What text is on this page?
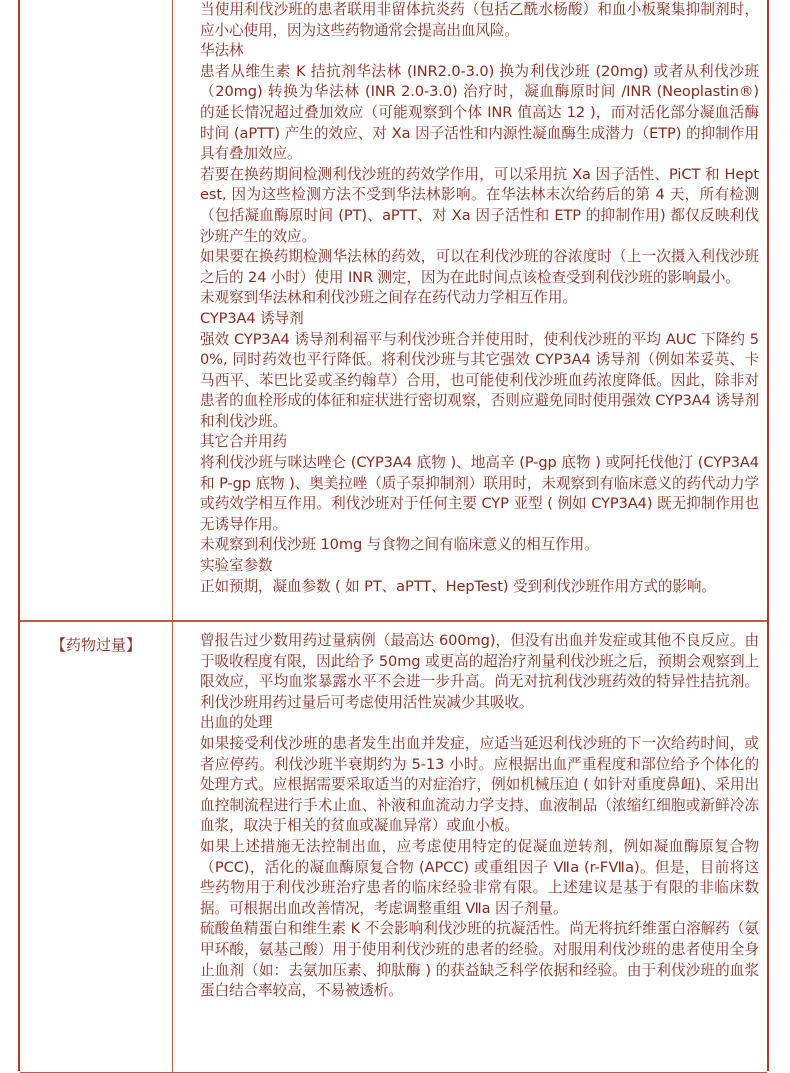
当使用利伐沙班的患者联用非留体抗炎药（包括乙酰水杨酸）和血小板聚集抑制剂时，应小心使用，因为这些药物通常会提高出血风险。

华法林

患者从维生素 K 拮抗剂华法林 (INR2.0-3.0) 换为利伐沙班 (20mg) 或者从利伐沙班 （20mg) 转换为华法林 (INR 2.0-3.0) 治疗时，凝血酶原时间 /INR (Neoplastin®) 的延长情况超过叠加效应（可能观察到个体 INR 值高达 12 )，而对活化部分凝血活酶时间 (aPTT) 产生的效应、对 Xa 因子活性和内源性凝血酶生成潜力（ETP) 的抑制作用具有叠加效应。

若要在换药期间检测利伐沙班的药效学作用，可以采用抗 Xa 因子活性、PiCT 和 Heptest, 因为这些检测方法不受到华法林影响。在华法林末次给药后的第 4 天，所有检测（包括凝血酶原时间 (PT)、aPTT、对 Xa 因子活性和 ETP 的抑制作用) 都仅反映利伐沙班产生的效应。

如果要在换药期检测华法林的药效，可以在利伐沙班的谷浓度时（上一次摄入利伐沙班之后的 24 小时）使用 INR 测定，因为在此时间点该检查受到利伐沙班的影响最小。

未观察到华法林和利伐沙班之间存在药代动力学相互作用。

CYP3A4 诱导剂

强效 CYP3A4 诱导剂利福平与利伐沙班合并使用时，使利伐沙班的平均 AUC 下降约 50%, 同时药效也平行降低。将利伐沙班与其它强效 CYP3A4 诱导剂（例如苯妥英、卡马西平、苯巴比妥或圣约翰草）合用，也可能使利伐沙班血药浓度降低。因此，除非对患者的血栓形成的体征和症状进行密切观察，否则应避免同时使用强效 CYP3A4 诱导剂和利伐沙班。

其它合并用药

将利伐沙班与咪达唑仑 (CYP3A4 底物 )、地高辛 (P-gp 底物 ) 或阿托伐他汀 (CYP3A4 和 P-gp 底物 )、奥美拉唑（质子泵抑制剂）联用时，未观察到有临床意义的药代动力学或药效学相互作用。利伐沙班对于任何主要 CYP 亚型 ( 例如 CYP3A4) 既无抑制作用也无诱导作用。

未观察到利伐沙班 10mg 与食物之间有临床意义的相互作用。

实验室参数

正如预期，凝血参数 ( 如 PT、aPTT、HepTest) 受到利伐沙班作用方式的影响。

【药物过量】	曾报告过少数用药过量病例（最高达 600mg)，但没有出血并发症或其他不良反应。由于吸收程度有限，因此给予 50mg 或更高的超治疗剂量利伐沙班之后，预期会观察到上限效应，平均血浆暴露水平不会进一步升高。尚无对抗利伐沙班药效的特异性拮抗剂。利伐沙班用药过量后可考虑使用活性炭减少其吸收。

出血的处理

如果接受利伐沙班的患者发生出血并发症，应适当延迟利伐沙班的下一次给药时间，或者应停药。利伐沙班半衰期约为 5-13 小时。应根据出血严重程度和部位给予个体化的处理方式。应根据需要采取适当的对症治疗，例如机械压迫 ( 如针对重度鼻衄)、采用出血控制流程进行手术止血、补液和血流动力学支持、血液制品（浓缩红细胞或新鲜冷冻血浆，取决于相关的贫血或凝血异常）或血小板。

如果上述措施无法控制出血，应考虑使用特定的促凝血逆转剂，例如凝血酶原复合物（PCC)，活化的凝血酶原复合物 (APCC) 或重组因子 Ⅶa (r-FⅦa)。但是，目前将这些药物用于利伐沙班治疗患者的临床经验非常有限。上述建议是基于有限的非临床数据。可根据出血改善情况，考虑调整重组 Ⅶa 因子剂量。

硫酸鱼精蛋白和维生素 K 不会影响利伐沙班的抗凝活性。尚无将抗纤维蛋白溶解药（氨甲环酸，氨基己酸）用于使用利伐沙班的患者的经验。对服用利伐沙班的患者使用全身止血剂（如：去氨加压素、抑肽酶 ) 的获益缺乏科学依据和经验。由于利伐沙班的血浆蛋白结合率较高，不易被透析。
